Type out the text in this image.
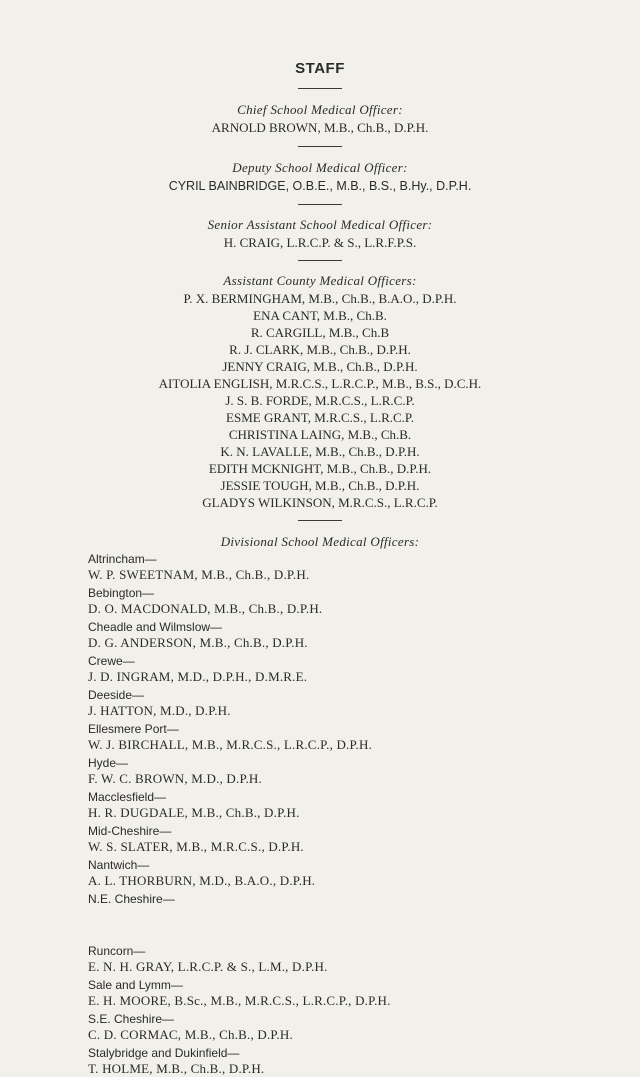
STAFF
Chief School Medical Officer:
ARNOLD BROWN, M.B., Ch.B., D.P.H.
Deputy School Medical Officer:
CYRIL BAINBRIDGE, O.B.E., M.B., B.S., B.Hy., D.P.H.
Senior Assistant School Medical Officer:
H. CRAIG, L.R.C.P. & S., L.R.F.P.S.
Assistant County Medical Officers:
P. X. BERMINGHAM, M.B., Ch.B., B.A.O., D.P.H.
ENA CANT, M.B., Ch.B.
R. CARGILL, M.B., Ch.B
R. J. CLARK, M.B., Ch.B., D.P.H.
JENNY CRAIG, M.B., Ch.B., D.P.H.
AITOLIA ENGLISH, M.R.C.S., L.R.C.P., M.B., B.S., D.C.H.
J. S. B. FORDE, M.R.C.S., L.R.C.P.
ESME GRANT, M.R.C.S., L.R.C.P.
CHRISTINA LAING, M.B., Ch.B.
K. N. LAVALLE, M.B., Ch.B., D.P.H.
EDITH MCKNIGHT, M.B., Ch.B., D.P.H.
JESSIE TOUGH, M.B., Ch.B., D.P.H.
GLADYS WILKINSON, M.R.C.S., L.R.C.P.
Divisional School Medical Officers:
Altrincham—
W. P. SWEETNAM, M.B., Ch.B., D.P.H.
Bebington—
D. O. MACDONALD, M.B., Ch.B., D.P.H.
Cheadle and Wilmslow—
D. G. ANDERSON, M.B., Ch.B., D.P.H.
Crewe—
J. D. INGRAM, M.D., D.P.H., D.M.R.E.
Deeside—
J. HATTON, M.D., D.P.H.
Ellesmere Port—
W. J. BIRCHALL, M.B., M.R.C.S., L.R.C.P., D.P.H.
Hyde—
F. W. C. BROWN, M.D., D.P.H.
Macclesfield—
H. R. DUGDALE, M.B., Ch.B., D.P.H.
Mid-Cheshire—
W. S. SLATER, M.B., M.R.C.S., D.P.H.
Nantwich—
A. L. THORBURN, M.D., B.A.O., D.P.H.
N.E. Cheshire—
Runcorn—
E. N. H. GRAY, L.R.C.P. & S., L.M., D.P.H.
Sale and Lymm—
E. H. MOORE, B.Sc., M.B., M.R.C.S., L.R.C.P., D.P.H.
S.E. Cheshire—
C. D. CORMAC, M.B., Ch.B., D.P.H.
Stalybridge and Dukinfield—
T. HOLME, M.B., Ch.B., D.P.H.
